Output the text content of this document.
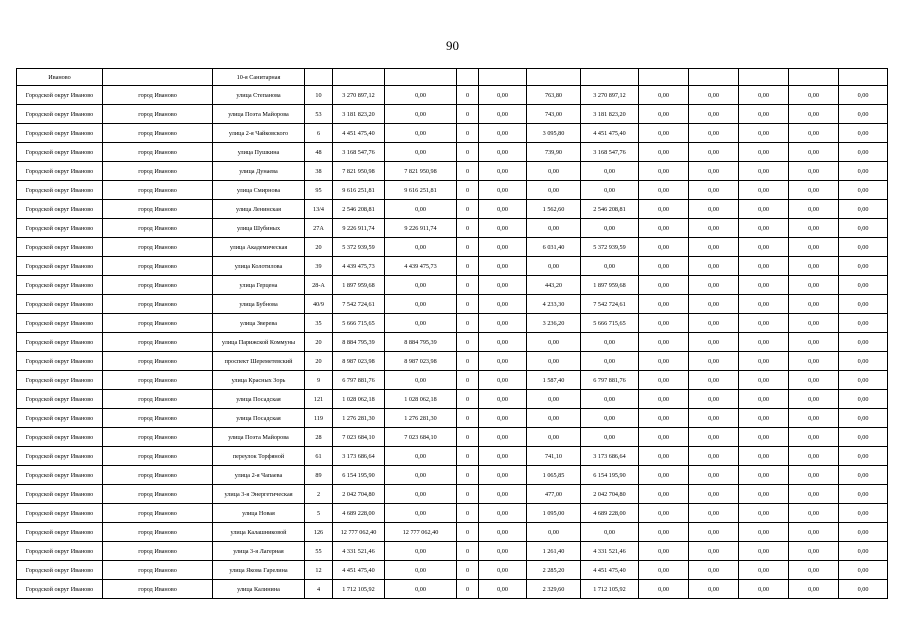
90
Иваново		10-я Санитарная												
Городской округ Иваново	город Иваново	улица Степанова	10	3 270 897,12	0,00	0	0,00	763,80	3 270 897,12	0,00	0,00	0,00	0,00	0,00
Городской округ Иваново	город Иваново	улица Поэта Майорова	53	3 181 823,20	0,00	0	0,00	743,00	3 181 823,20	0,00	0,00	0,00	0,00	0,00
Городской округ Иваново	город Иваново	улица 2-я Чайковского	6	4 451 475,40	0,00	0	0,00	3 095,80	4 451 475,40	0,00	0,00	0,00	0,00	0,00
Городской округ Иваново	город Иваново	улица Пушкина	48	3 168 547,76	0,00	0	0,00	739,90	3 168 547,76	0,00	0,00	0,00	0,00	0,00
Городской округ Иваново	город Иваново	улица Дунаева	38	7 821 950,98	7 821 950,98	0	0,00	0,00	0,00	0,00	0,00	0,00	0,00	0,00
Городской округ Иваново	город Иваново	улица Смирнова	95	9 616 251,81	9 616 251,81	0	0,00	0,00	0,00	0,00	0,00	0,00	0,00	0,00
Городской округ Иваново	город Иваново	улица Ленинская	13/4	2 546 208,81	0,00	0	0,00	1 562,60	2 546 208,81	0,00	0,00	0,00	0,00	0,00
Городской округ Иваново	город Иваново	улица Шубиных	27А	9 226 911,74	9 226 911,74	0	0,00	0,00	0,00	0,00	0,00	0,00	0,00	0,00
Городской округ Иваново	город Иваново	улица Академическая	20	5 372 939,59	0,00	0	0,00	6 031,40	5 372 939,59	0,00	0,00	0,00	0,00	0,00
Городской округ Иваново	город Иваново	улица Колотилова	39	4 439 475,73	4 439 475,73	0	0,00	0,00	0,00	0,00	0,00	0,00	0,00	0,00
Городской округ Иваново	город Иваново	улица Герцена	28-А	1 897 959,68	0,00	0	0,00	443,20	1 897 959,68	0,00	0,00	0,00	0,00	0,00
Городской округ Иваново	город Иваново	улица Бубнова	40/9	7 542 724,61	0,00	0	0,00	4 233,30	7 542 724,61	0,00	0,00	0,00	0,00	0,00
Городской округ Иваново	город Иваново	улица Зверева	35	5 666 715,65	0,00	0	0,00	3 236,20	5 666 715,65	0,00	0,00	0,00	0,00	0,00
Городской округ Иваново	город Иваново	улица Парижской Коммуны	20	8 884 795,39	8 884 795,39	0	0,00	0,00	0,00	0,00	0,00	0,00	0,00	0,00
Городской округ Иваново	город Иваново	проспект Шереметевский	20	8 987 023,98	8 987 023,98	0	0,00	0,00	0,00	0,00	0,00	0,00	0,00	0,00
Городской округ Иваново	город Иваново	улица Красных Зорь	9	6 797 881,76	0,00	0	0,00	1 587,40	6 797 881,76	0,00	0,00	0,00	0,00	0,00
Городской округ Иваново	город Иваново	улица Посадская	121	1 028 062,18	1 028 062,18	0	0,00	0,00	0,00	0,00	0,00	0,00	0,00	0,00
Городской округ Иваново	город Иваново	улица Посадская	119	1 276 281,30	1 276 281,30	0	0,00	0,00	0,00	0,00	0,00	0,00	0,00	0,00
Городской округ Иваново	город Иваново	улица Поэта Майорова	28	7 023 684,10	7 023 684,10	0	0,00	0,00	0,00	0,00	0,00	0,00	0,00	0,00
Городской округ Иваново	город Иваново	переулок Торфяной	61	3 173 686,64	0,00	0	0,00	741,10	3 173 686,64	0,00	0,00	0,00	0,00	0,00
Городской округ Иваново	город Иваново	улица 2-я Чапаева	89	6 154 195,90	0,00	0	0,00	1 065,85	6 154 195,90	0,00	0,00	0,00	0,00	0,00
Городской округ Иваново	город Иваново	улица 3-я Энергетическая	2	2 042 704,80	0,00	0	0,00	477,00	2 042 704,80	0,00	0,00	0,00	0,00	0,00
Городской округ Иваново	город Иваново	улица Новая	5	4 689 228,00	0,00	0	0,00	1 095,00	4 689 228,00	0,00	0,00	0,00	0,00	0,00
Городской округ Иваново	город Иваново	улица Калашниковой	126	12 777 062,40	12 777 062,40	0	0,00	0,00	0,00	0,00	0,00	0,00	0,00	0,00
Городской округ Иваново	город Иваново	улица 3-я Лагерная	55	4 331 521,46	0,00	0	0,00	1 261,40	4 331 521,46	0,00	0,00	0,00	0,00	0,00
Городской округ Иваново	город Иваново	улица Якова Гарелина	12	4 451 475,40	0,00	0	0,00	2 285,20	4 451 475,40	0,00	0,00	0,00	0,00	0,00
Городской округ Иваново	город Иваново	улица Калинина	4	1 712 105,92	0,00	0	0,00	2 329,60	1 712 105,92	0,00	0,00	0,00	0,00	0,00
